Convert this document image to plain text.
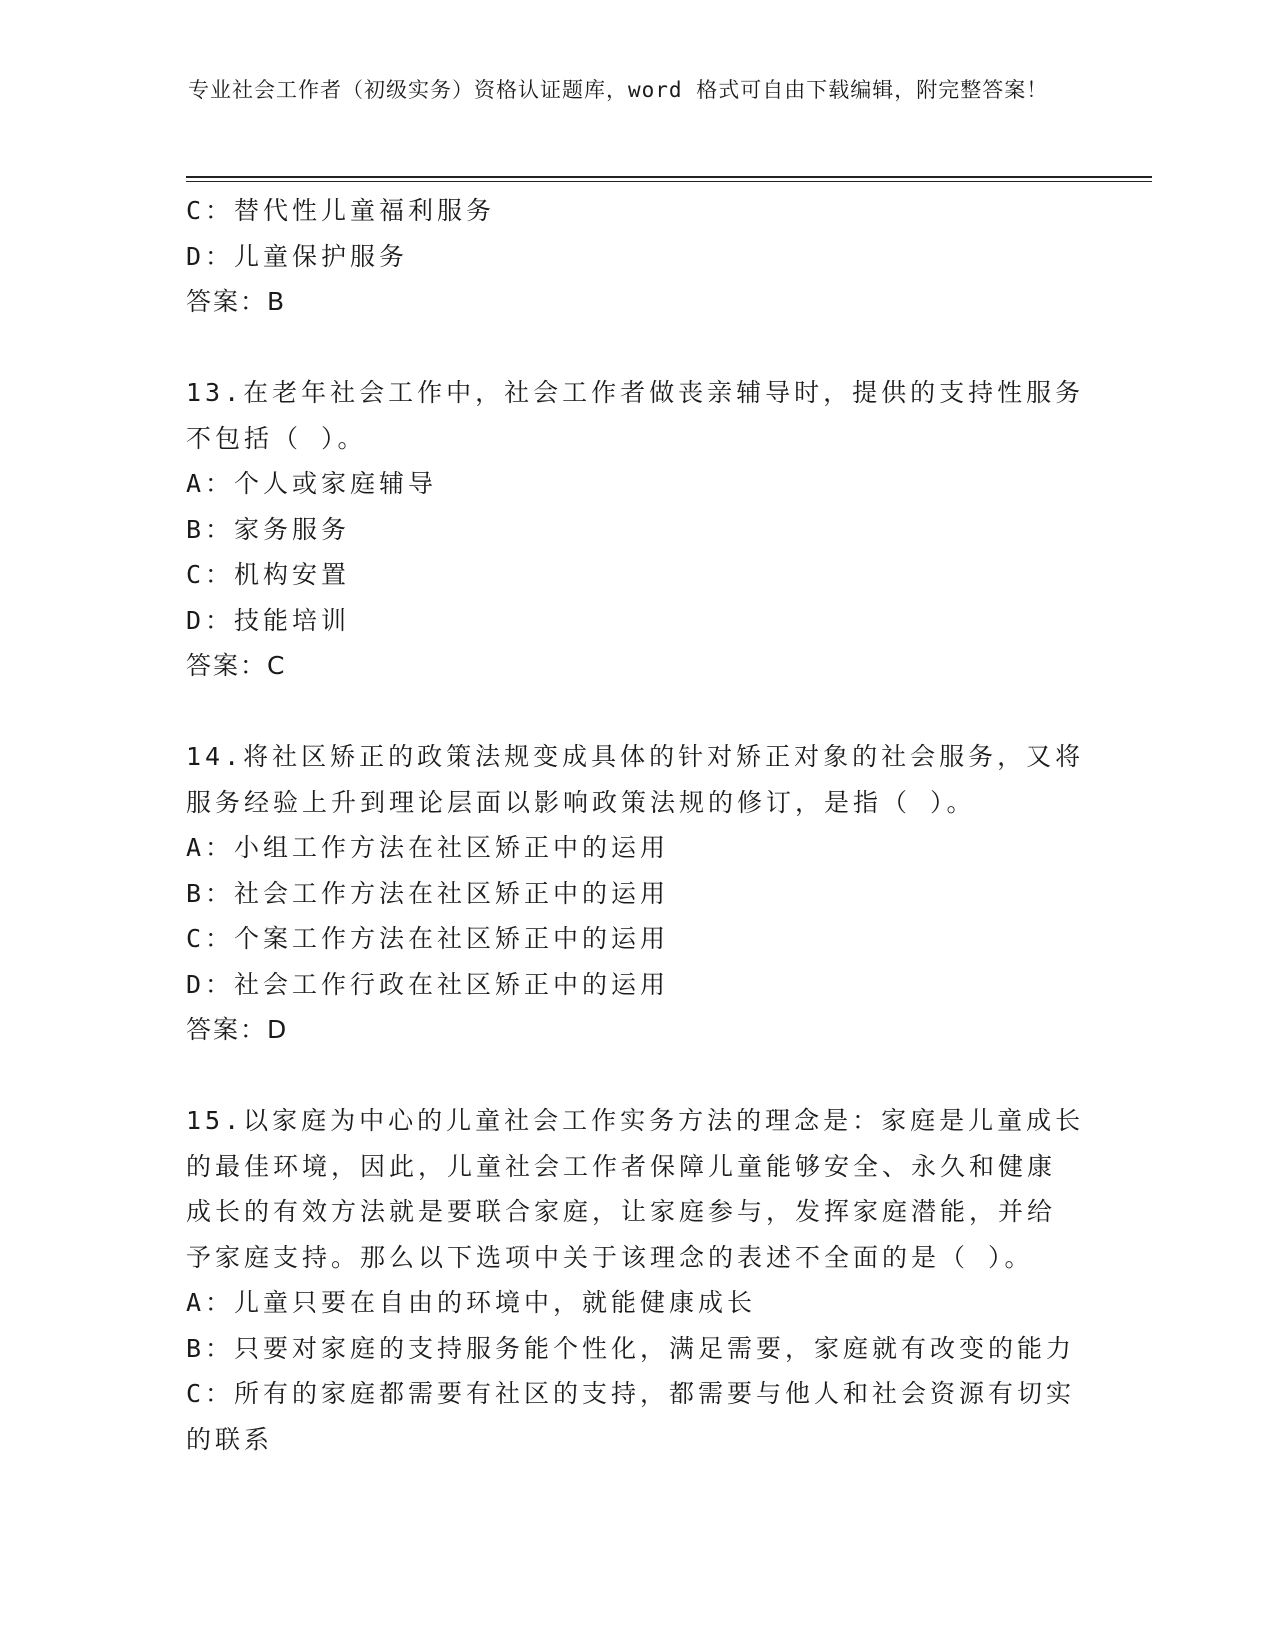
专业社会工作者（初级实务）资格认证题库，word 格式可自由下载编辑，附完整答案！
C：替代性儿童福利服务
D：儿童保护服务
答案：B
13.在老年社会工作中，社会工作者做丧亲辅导时，提供的支持性服务
不包括（ ）。
A：个人或家庭辅导
B：家务服务
C：机构安置
D：技能培训
答案：C
14.将社区矫正的政策法规变成具体的针对矫正对象的社会服务，又将
服务经验上升到理论层面以影响政策法规的修订，是指（ ）。
A：小组工作方法在社区矫正中的运用
B：社会工作方法在社区矫正中的运用
C：个案工作方法在社区矫正中的运用
D：社会工作行政在社区矫正中的运用
答案：D
15.以家庭为中心的儿童社会工作实务方法的理念是：家庭是儿童成长
的最佳环境，因此，儿童社会工作者保障儿童能够安全、永久和健康
成长的有效方法就是要联合家庭，让家庭参与，发挥家庭潜能，并给
予家庭支持。那么以下选项中关于该理念的表述不全面的是（ ）。
A：儿童只要在自由的环境中，就能健康成长
B：只要对家庭的支持服务能个性化，满足需要，家庭就有改变的能力
C：所有的家庭都需要有社区的支持，都需要与他人和社会资源有切实
的联系
